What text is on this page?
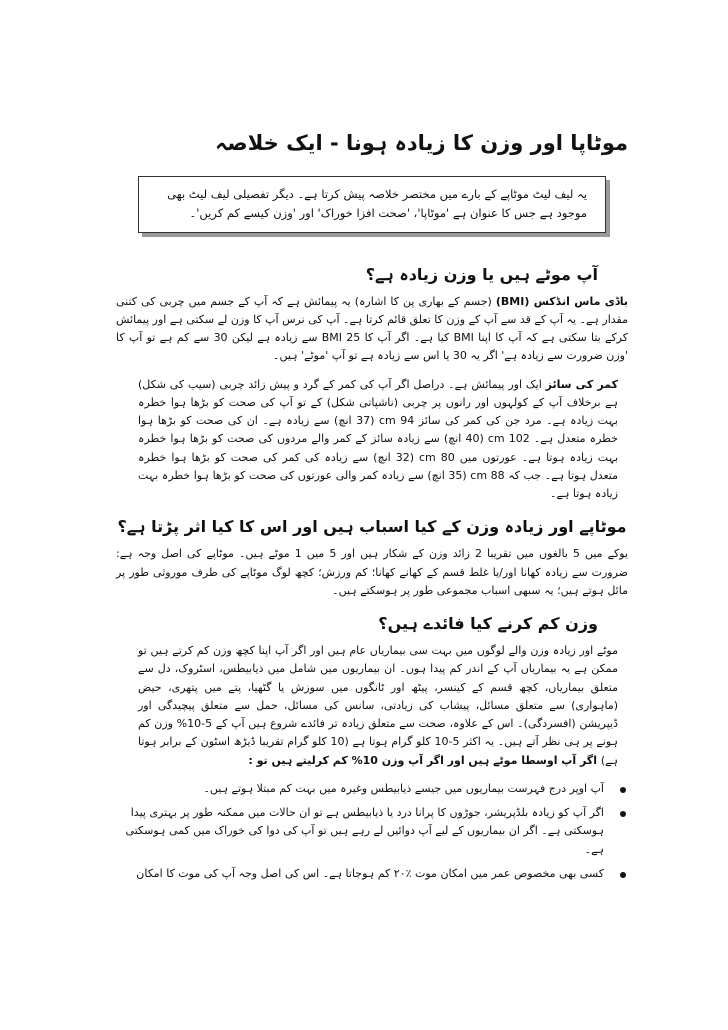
موٹاپا اور وزن کا زیادہ ہونا - ایک خلاصہ

یہ لیف لیٹ موٹاپے کے بارے میں مختصر خلاصہ پیش کرتا ہے۔ دیگر تفصیلی لیف لیٹ بھی موجود ہے جس کا عنوان ہے 'موٹاپا'، 'صحت افزا خوراک' اور 'وزن کیسے کم کریں'۔

آپ موٹے ہیں یا وزن زیادہ ہے؟

باڈی ماس انڈکس (BMI) (جسم کے بھاری پن کا اشارہ) یہ پیمائش ہے کہ آپ کے جسم میں چربی کی کتنی مقدار ہے۔ یہ آپ کے قد سے آپ کے وزن کا تعلق قائم کرتا ہے۔ آپ کی نرس آپ کا وزن لے سکتی ہے اور پیمائش کرکے بتا سکتی ہے کہ آپ کا اپنا BMI کیا ہے۔ اگر آپ کا BMI 25 سے زیادہ ہے لیکن 30 سے کم ہے تو آپ کا 'وزن ضرورت سے زیادہ ہے' اگر یہ 30 یا اس سے زیادہ ہے تو آپ 'موٹے' ہیں۔

کمر کی سائز ایک اور پیمائش ہے۔ دراصل اگر آپ کی کمر کے گرد و پیش زائد چربی (سیب کی شکل) ہے برخلاف آپ کے کولہوں اور رانوں پر چربی (ناشپاتی شکل) کے تو آپ کی صحت کو بڑھا ہوا خطرہ بہت زیادہ ہے۔ مرد جن کی کمر کی سائز 94 cm (37 انچ) سے زیادہ ہے۔ ان کی صحت کو بڑھا ہوا خطرہ متعدل ہے۔ 102 cm (40 انچ) سے زیادہ سائز کے کمر والے مردوں کی صحت کو بڑھا ہوا خطرہ بہت زیادہ ہوتا ہے۔ عورتوں میں 80 cm (32 انچ) سے زیادہ کی کمر کی صحت کو بڑھا ہوا خطرہ متعدل ہوتا ہے۔ جب کہ 88 cm (35 انچ) سے زیادہ کمر والی عورتوں کی صحت کو بڑھا ہوا خطرہ بہت زیادہ ہوتا ہے۔

موٹاپے اور زیادہ وزن کے کیا اسباب ہیں اور اس کا کیا اثر پڑتا ہے؟

یوکے میں 5 بالغوں میں تقریبا 2 زائد وزن کے شکار ہیں اور 5 میں 1 موٹے ہیں۔ موٹاپے کی اصل وجہ ہے: ضرورت سے زیادہ کھانا اور/یا غلط قسم کے کھانے کھانا؛ کم ورزش؛ کچھ لوگ موٹاپے کی طرف موروثی طور پر مائل ہوتے ہیں؛ یہ سبھی اسباب مجموعی طور پر ہوسکتے ہیں۔

وزن کم کرنے کیا فائدے ہیں؟

موٹے اور زیادہ وزن والے لوگوں میں بہت سی بیماریاں عام ہیں اور اگر آپ اپنا کچھ وزن کم کرتے ہیں تو ممکن ہے یہ بیماریاں آپ کے اندر کم پیدا ہوں۔ ان بیماریوں میں شامل میں ذیابیطس، اسٹروک، دل سے متعلق بیماریاں، کچھ قسم کے کینسر، پیٹھ اور ٹانگوں میں سوزش یا گٹھیا، پتے میں پتھری، حیض (ماہواری) سے متعلق مسائل، پیشاب کی زیادتی، سانس کی مسائل، حمل سے متعلق پیچیدگی اور ڈیپریشن (افسردگی)۔ اس کے علاوہ، صحت سے متعلق زیادہ تر فائدے شروع ہیں آپ کے 5-10% وزن کم ہونے پر ہی نظر آتے ہیں۔ یہ اکثر 5-10 کلو گرام ہوتا ہے (10 کلو گرام تقریبا ڈیڑھ اسٹون کے برابر ہوتا ہے) اگر آپ اوسطا موٹے ہیں اور اگر آپ وزن 10% کم کرلیتے ہیں تو :

آپ اوپر درج فہرست بیماریوں میں جیسے ذیابیطس وغیرہ میں بہت کم مبتلا ہوتے ہیں۔
اگر آپ کو زیادہ بلڈپریشر، جوڑوں کا پرانا درد یا ذیابیطس ہے تو ان حالات میں ممکنہ طور پر بہتری پیدا ہوسکتی ہے۔ اگر ان بیماریوں کے لیے آپ دوائیں لے رہے ہیں تو آپ کی دوا کی خوراک میں کمی ہوسکتی ہے۔
کسی بھی مخصوص عمر میں امکان موت ٪۲۰ کم ہوجاتا ہے۔ اس کی اصل وجہ آپ کی موت کا امکان
